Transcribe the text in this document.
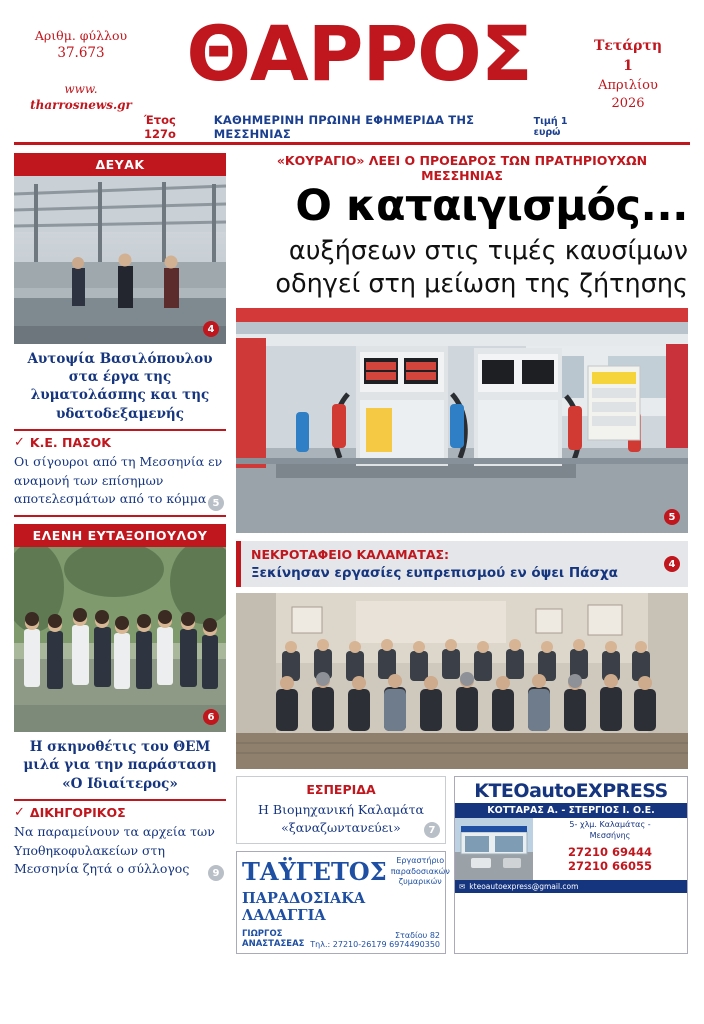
Αριθμ. φύλλου
37.673
www.
tharrosnews.gr
ΘΑΡΡΟΣ
Έτος 127ο
ΚΑΘΗΜΕΡΙΝΗ ΠΡΩΙΝΗ ΕΦΗΜΕΡΙΔΑ ΤΗΣ ΜΕΣΣΗΝΙΑΣ
Τιμή 1 ευρώ
Τετάρτη
1
Απριλίου
2026
ΔΕΥΑΚ
4
Αυτοψία Βασιλόπουλου στα έργα της λυματολάσπης και της υδατοδεξαμενής
✓ Κ.Ε. ΠΑΣΟΚ
Οι σίγουροι από τη Μεσσηνία εν αναμονή των επίσημων αποτελεσμάτων από το κόμμα 5
ΕΛΕΝΗ ΕΥΤΑΞΟΠΟΥΛΟΥ
6
Η σκηνοθέτις του ΘΕΜ μιλά για την παράσταση «Ο Ιδιαίτερος»
✓ ΔΙΚΗΓΟΡΙΚΟΣ
Να παραμείνουν τα αρχεία των Υποθηκοφυλακείων στη Μεσσηνία ζητά ο σύλλογος	9
«ΚΟΥΡΑΓΙΟ» ΛΕΕΙ Ο ΠΡΟΕΔΡΟΣ ΤΩΝ ΠΡΑΤΗΡΙΟΥΧΩΝ ΜΕΣΣΗΝΙΑΣ
Ο καταιγισμός...
αυξήσεων στις τιμές καυσίμων
οδηγεί στη μείωση της ζήτησης
5
ΝΕΚΡΟΤΑΦΕΙΟ ΚΑΛΑΜΑΤΑΣ:
Ξεκίνησαν εργασίες ευπρεπισμού εν όψει Πάσχα
4
ΕΣΠΕΡΙΔΑ
Η Βιομηχανική Καλαμάτα «ξαναζωντανεύει»	7
ΤΑΫΓΕΤΟΣ	Εργαστήριο
παραδοσιακών
ζυμαρικών
ΠΑΡΑΔΟΣΙΑΚΑ ΛΑΛΑΓΓΙΑ
ΓΙΩΡΓΟΣ
ΑΝΑΣΤΑΣΕΑΣ
Σταδίου 82
Τηλ.: 27210-26179 6974490350
KTEOautoEXPRESS
ΚΟΤΤΑΡΑΣ Α. - ΣΤΕΡΓΙΟΣ Ι. Ο.Ε.
5- χλμ. Καλαμάτας -
Μεσσήνης
27210 69444
27210 66055
✉ kteoautoexpress@gmail.com
